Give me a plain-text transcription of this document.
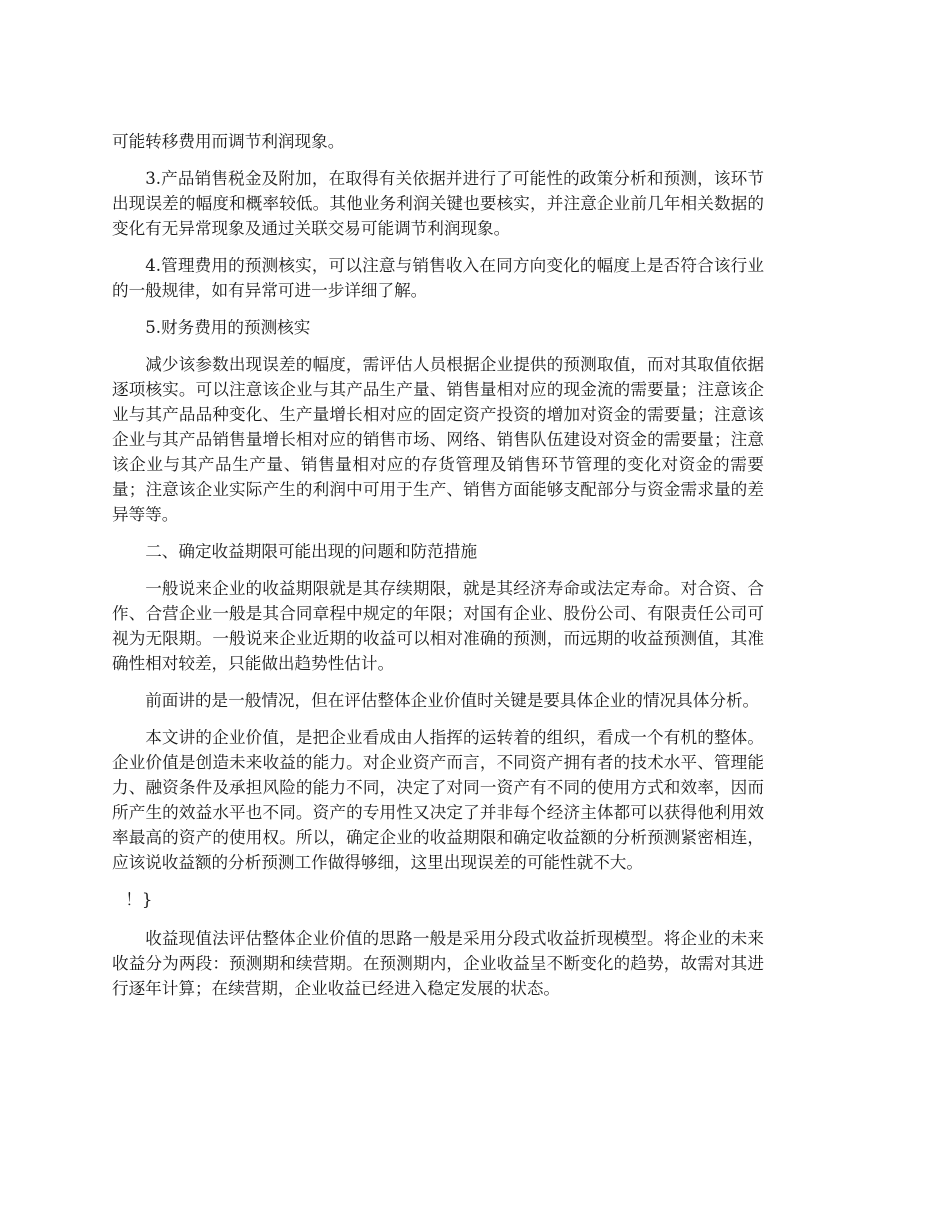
可能转移费用而调节利润现象。

3.产品销售税金及附加，在取得有关依据并进行了可能性的政策分析和预测，该环节出现误差的幅度和概率较低。其他业务利润关键也要核实，并注意企业前几年相关数据的变化有无异常现象及通过关联交易可能调节利润现象。

4.管理费用的预测核实，可以注意与销售收入在同方向变化的幅度上是否符合该行业的一般规律，如有异常可进一步详细了解。

5.财务费用的预测核实

减少该参数出现误差的幅度，需评估人员根据企业提供的预测取值，而对其取值依据逐项核实。可以注意该企业与其产品生产量、销售量相对应的现金流的需要量；注意该企业与其产品品种变化、生产量增长相对应的固定资产投资的增加对资金的需要量；注意该企业与其产品销售量增长相对应的销售市场、网络、销售队伍建设对资金的需要量；注意该企业与其产品生产量、销售量相对应的存货管理及销售环节管理的变化对资金的需要量；注意该企业实际产生的利润中可用于生产、销售方面能够支配部分与资金需求量的差异等等。

二、确定收益期限可能出现的问题和防范措施

一般说来企业的收益期限就是其存续期限，就是其经济寿命或法定寿命。对合资、合作、合营企业一般是其合同章程中规定的年限；对国有企业、股份公司、有限责任公司可视为无限期。一般说来企业近期的收益可以相对准确的预测，而远期的收益预测值，其准确性相对较差，只能做出趋势性估计。

前面讲的是一般情况，但在评估整体企业价值时关键是要具体企业的情况具体分析。

本文讲的企业价值，是把企业看成由人指挥的运转着的组织，看成一个有机的整体。企业价值是创造未来收益的能力。对企业资产而言，不同资产拥有者的技术水平、管理能力、融资条件及承担风险的能力不同，决定了对同一资产有不同的使用方式和效率，因而所产生的效益水平也不同。资产的专用性又决定了并非每个经济主体都可以获得他利用效率最高的资产的使用权。所以，确定企业的收益期限和确定收益额的分析预测紧密相连，应该说收益额的分析预测工作做得够细，这里出现误差的可能性就不大。

！}

收益现值法评估整体企业价值的思路一般是采用分段式收益折现模型。将企业的未来收益分为两段：预测期和续营期。在预测期内，企业收益呈不断变化的趋势，故需对其进行逐年计算；在续营期，企业收益已经进入稳定发展的状态。
